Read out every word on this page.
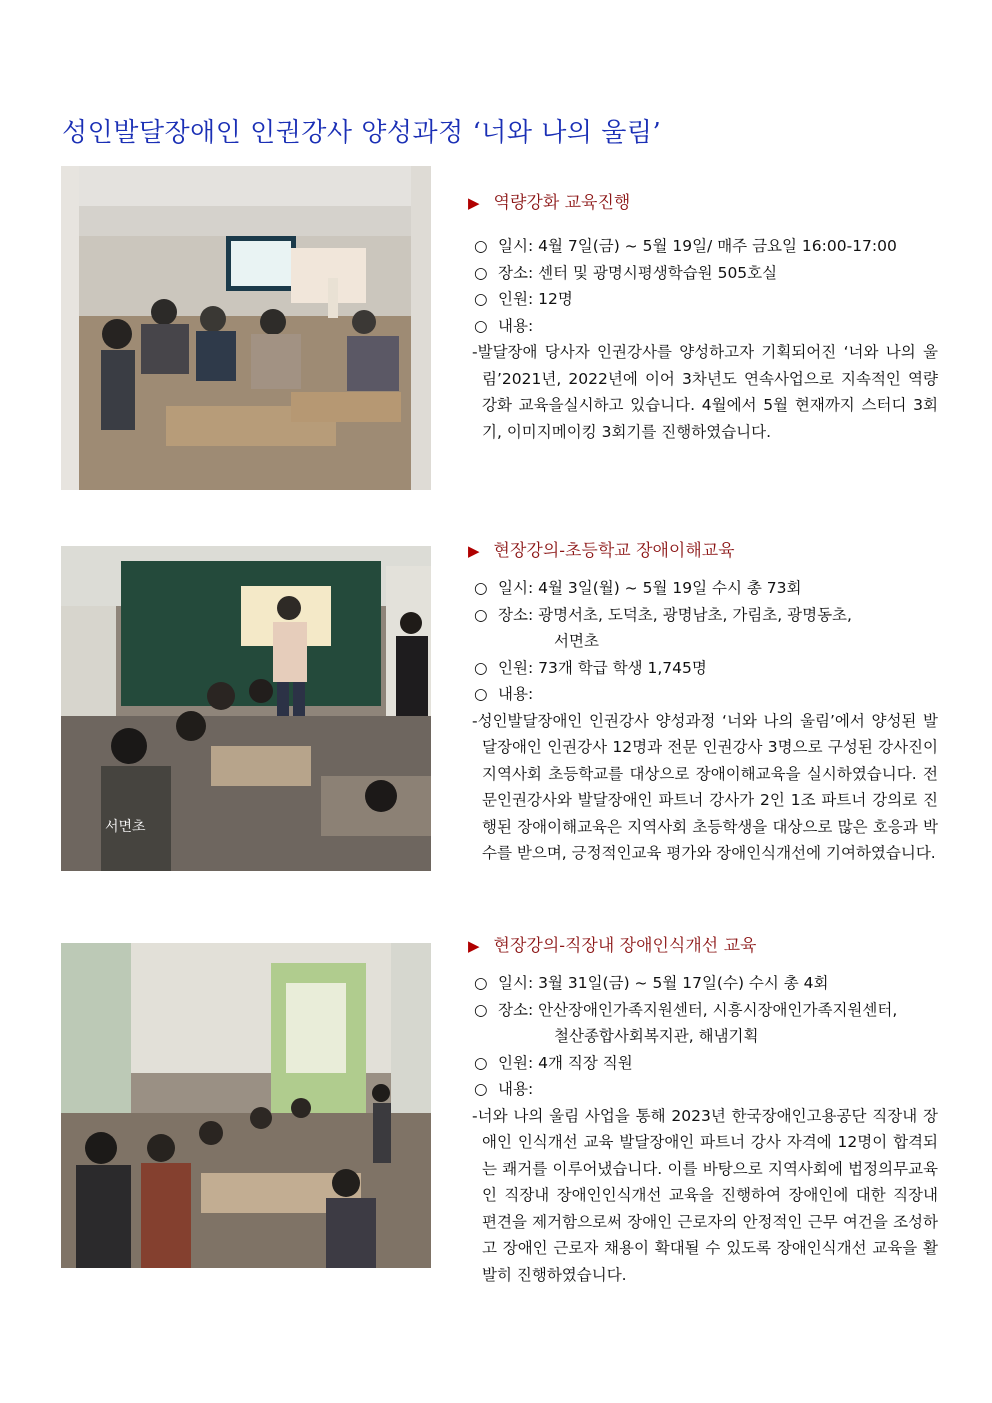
성인발달장애인 인권강사 양성과정 ‘너와 나의 울림’
▶ 역량강화 교육진행
○ 일시: 4월 7일(금) ~ 5월 19일/ 매주 금요일 16:00-17:00
○ 장소: 센터 및 광명시평생학습원 505호실
○ 인원: 12명
○ 내용:
-발달장애 당사자 인권강사를 양성하고자 기획되어진 ‘너와 나의 울림’2021년, 2022년에 이어 3차년도 연속사업으로 지속적인 역량강화 교육을실시하고 있습니다. 4월에서 5월 현재까지 스터디 3회기, 이미지메이킹 3회기를 진행하였습니다.
서면초
▶ 현장강의-초등학교 장애이해교육
○ 일시: 4월 3일(월) ~ 5월 19일 수시 총 73회
○ 장소: 광명서초, 도덕초, 광명남초, 가림초, 광명동초,
서면초
○ 인원: 73개 학급 학생 1,745명
○ 내용:
-성인발달장애인 인권강사 양성과정 ‘너와 나의 울림’에서 양성된 발달장애인 인권강사 12명과 전문 인권강사 3명으로 구성된 강사진이 지역사회 초등학교를 대상으로 장애이해교육을 실시하였습니다. 전문인권강사와 발달장애인 파트너 강사가 2인 1조 파트너 강의로 진행된 장애이해교육은 지역사회 초등학생을 대상으로 많은 호응과 박수를 받으며, 긍정적인교육 평가와 장애인식개선에 기여하였습니다.
▶ 현장강의-직장내 장애인식개선 교육
○ 일시: 3월 31일(금) ~ 5월 17일(수) 수시 총 4회
○ 장소: 안산장애인가족지원센터, 시흥시장애인가족지원센터,
철산종합사회복지관, 해냄기획
○ 인원: 4개 직장 직원
○ 내용:
-너와 나의 울림 사업을 통해 2023년 한국장애인고용공단 직장내 장애인 인식개선 교육 발달장애인 파트너 강사 자격에 12명이 합격되는 쾌거를 이루어냈습니다. 이를 바탕으로 지역사회에 법정의무교육인 직장내 장애인인식개선 교육을 진행하여 장애인에 대한 직장내 편견을 제거함으로써 장애인 근로자의 안정적인 근무 여건을 조성하고 장애인 근로자 채용이 확대될 수 있도록 장애인식개선 교육을 활발히 진행하였습니다.
